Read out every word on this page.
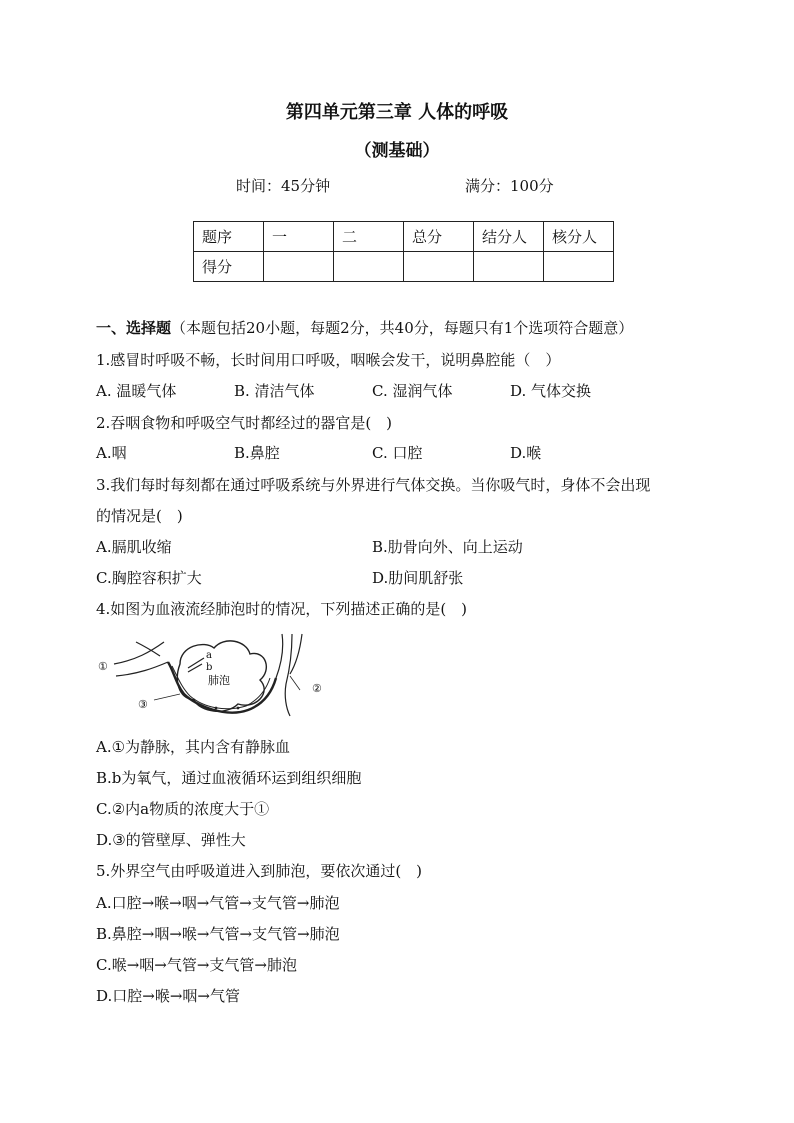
第四单元第三章 人体的呼吸
（测基础）
时间：45分钟	满分：100分
题序	一	二	总分	结分人	核分人
得分					
一、选择题（本题包括20小题，每题2分，共40分，每题只有1个选项符合题意）
1.感冒时呼吸不畅，长时间用口呼吸，咽喉会发干，说明鼻腔能（　）
A. 温暖气体	B. 清洁气体	C. 湿润气体	D. 气体交换
2.吞咽食物和呼吸空气时都经过的器官是(　)
A.咽	B.鼻腔	C. 口腔	D.喉
3.我们每时每刻都在通过呼吸系统与外界进行气体交换。当你吸气时，身体不会出现
的情况是(　)
A.膈肌收缩	B.肋骨向外、向上运动
C.胸腔容积扩大	D.肋间肌舒张
4.如图为血液流经肺泡时的情况，下列描述正确的是(　)
①
②
③
a
b
肺泡
A.①为静脉，其内含有静脉血
B.b为氧气，通过血液循环运到组织细胞
C.②内a物质的浓度大于①
D.③的管壁厚、弹性大
5.外界空气由呼吸道进入到肺泡，要依次通过(　)
A.口腔→喉→咽→气管→支气管→肺泡
B.鼻腔→咽→喉→气管→支气管→肺泡
C.喉→咽→气管→支气管→肺泡
D.口腔→喉→咽→气管
